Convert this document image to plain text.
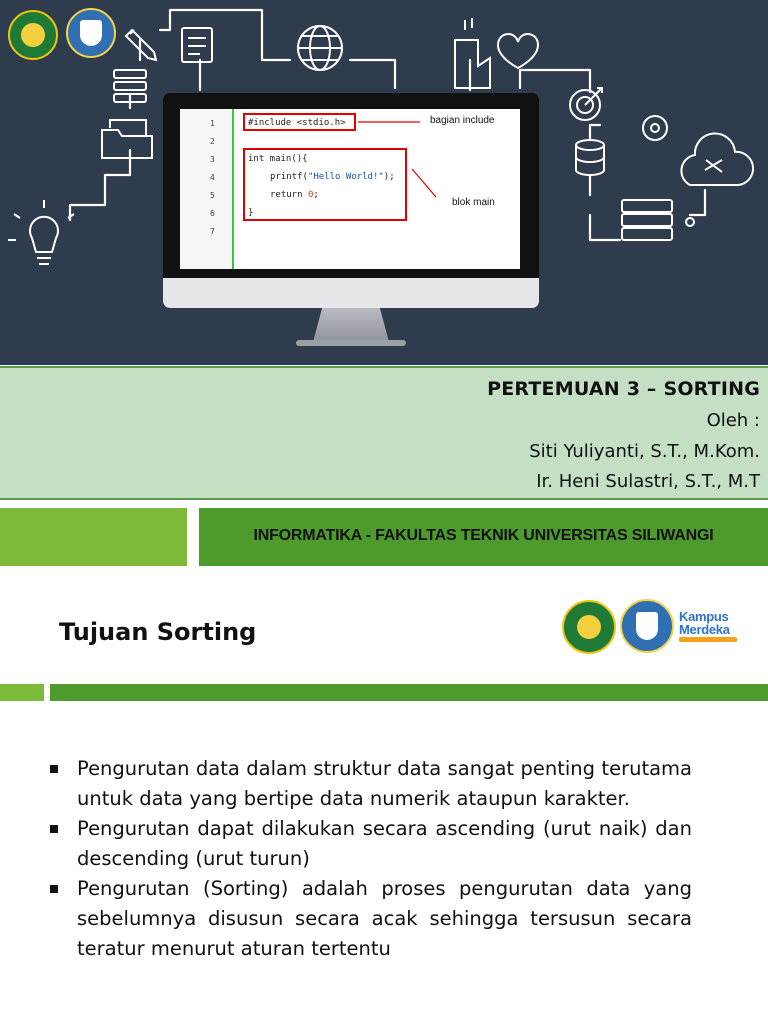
1
2
3
4
5
6
7
#include <stdio.h>
int main(){
printf("Hello World!");
return 0;
}
bagian include
blok main
PERTEMUAN 3 – SORTING
Oleh :
Siti Yuliyanti, S.T., M.Kom.
Ir. Heni Sulastri, S.T., M.T
INFORMATIKA - FAKULTAS TEKNIK UNIVERSITAS SILIWANGI
Tujuan Sorting
Kampus
Merdeka
Pengurutan data dalam struktur data sangat penting terutama untuk data yang bertipe data numerik ataupun karakter.
Pengurutan dapat dilakukan secara ascending (urut naik) dan descending (urut turun)
Pengurutan (Sorting) adalah proses pengurutan data yang sebelumnya disusun secara acak sehingga tersusun secara teratur menurut aturan tertentu
